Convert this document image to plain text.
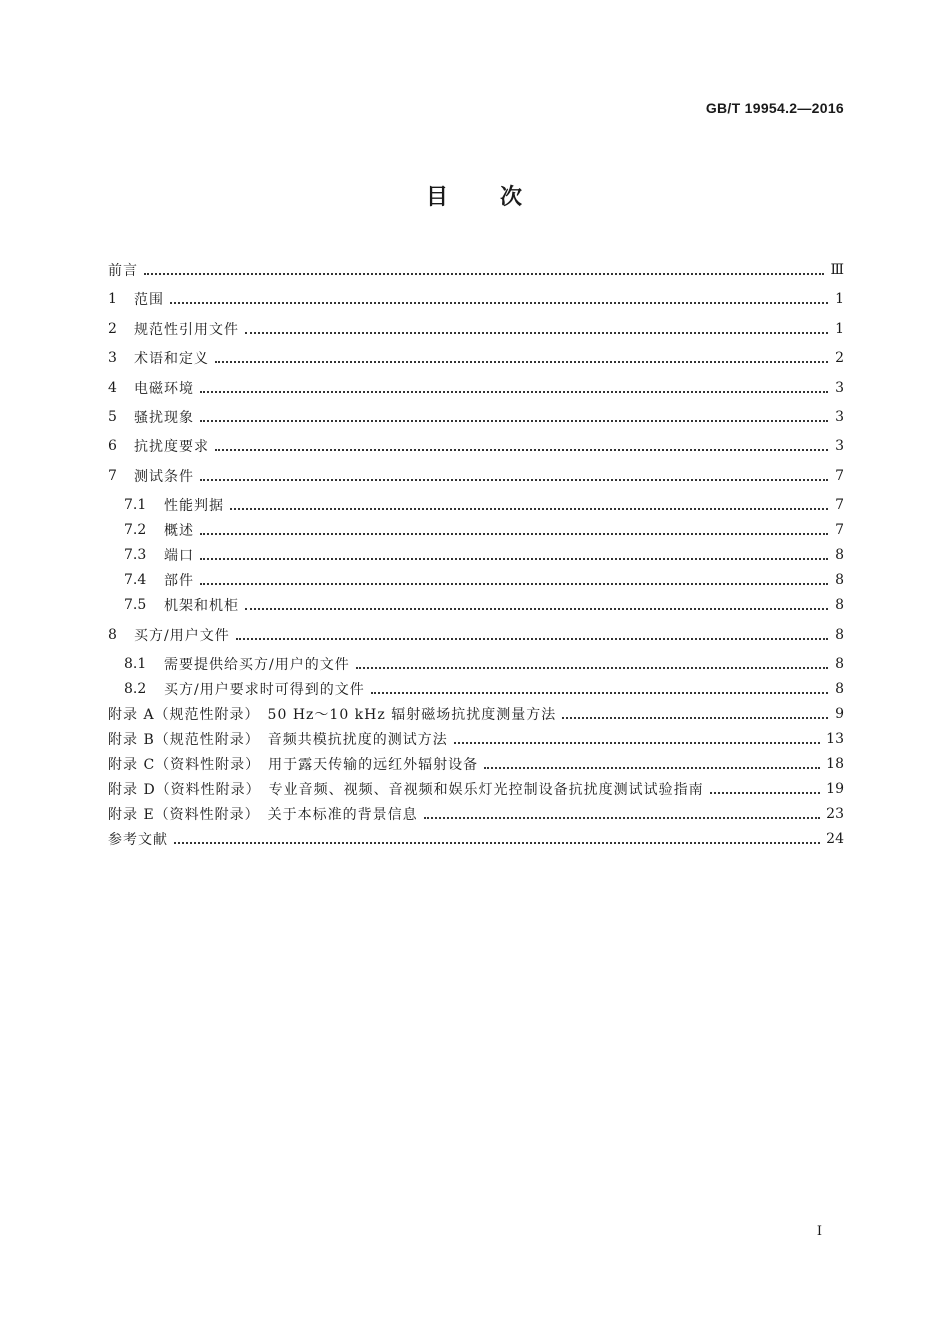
GB/T 19954.2—2016
目 次
前言	Ⅲ
1	范围	1
2	规范性引用文件	1
3	术语和定义	2
4	电磁环境	3
5	骚扰现象	3
6	抗扰度要求	3
7	测试条件	7
7.1	性能判据	7
7.2	概述	7
7.3	端口	8
7.4	部件	8
7.5	机架和机柜	8
8	买方/用户文件	8
8.1	需要提供给买方/用户的文件	8
8.2	买方/用户要求时可得到的文件	8
附录 A（规范性附录）　50 Hz～10 kHz 辐射磁场抗扰度测量方法	9
附录 B（规范性附录）　音频共模抗扰度的测试方法	13
附录 C（资料性附录）　用于露天传输的远红外辐射设备	18
附录 D（资料性附录）　专业音频、视频、音视频和娱乐灯光控制设备抗扰度测试试验指南	19
附录 E（资料性附录）　关于本标准的背景信息	23
参考文献	24
I
